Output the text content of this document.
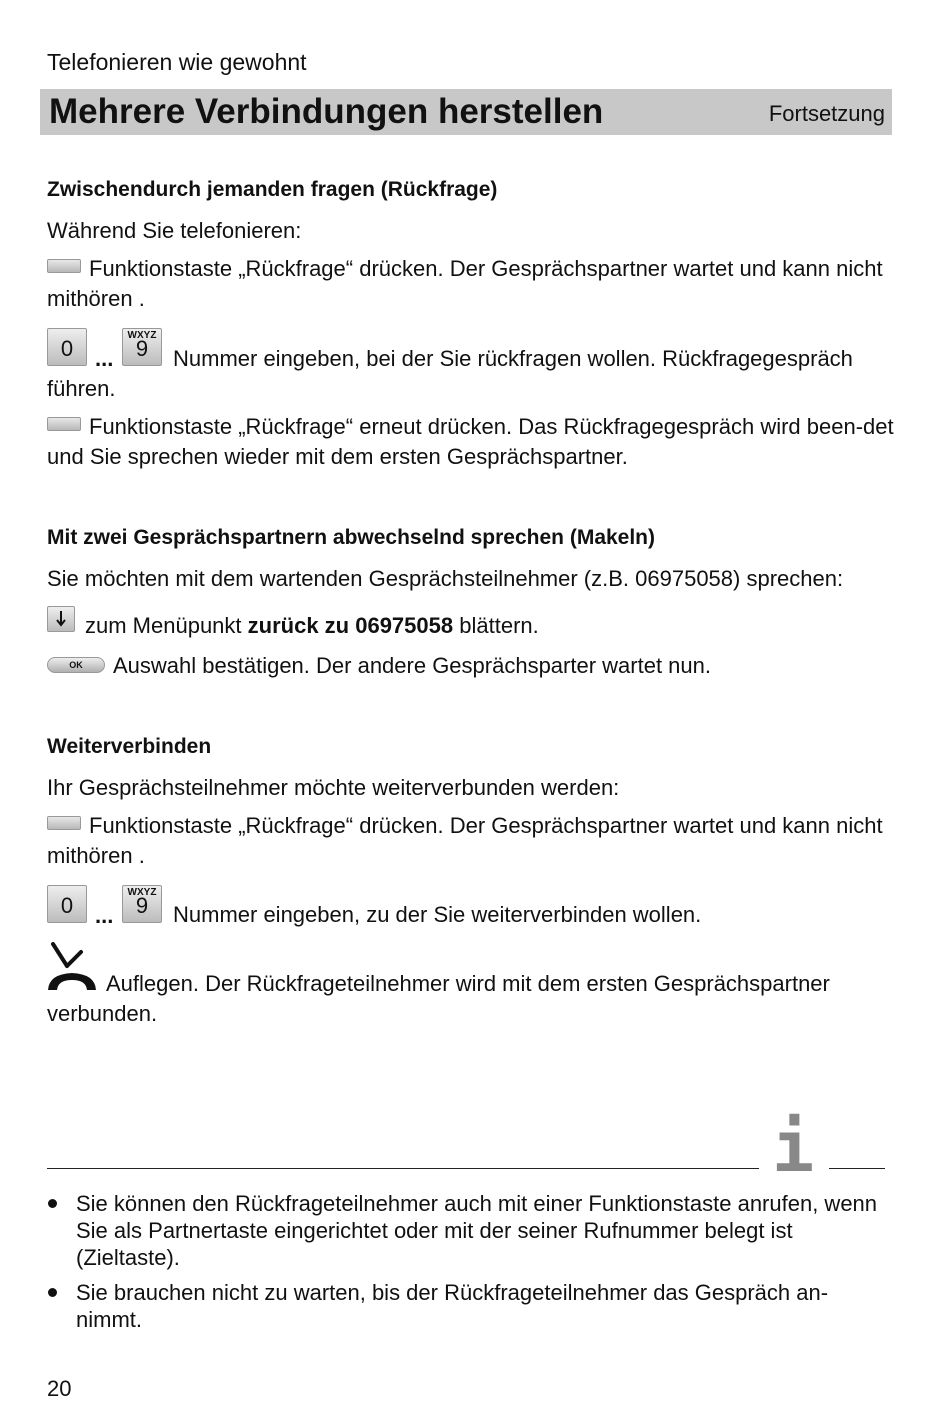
Telefonieren wie gewohnt
Mehrere Verbindungen herstellen	Fortsetzung
Zwischendurch jemanden fragen (Rückfrage)
Während Sie telefonieren:
Funktionstaste „Rückfrage“ drücken. Der Gesprächspartner wartet und kann nicht mithören .
0 ...
WXYZ
9	Nummer eingeben, bei der Sie rückfragen wollen. Rückfragegespräch führen.
Funktionstaste „Rückfrage“ erneut drücken. Das Rückfragegespräch wird been-det und Sie sprechen wieder mit dem ersten Gesprächspartner.
Mit zwei Gesprächspartnern abwechselnd sprechen (Makeln)
Sie möchten mit dem wartenden Gesprächsteilnehmer (z.B. 06975058) sprechen:
zum Menüpunkt zurück zu 06975058 blättern.
OK	Auswahl bestätigen. Der andere Gesprächsparter wartet nun.
Weiterverbinden
Ihr Gesprächsteilnehmer möchte weiterverbunden werden:
Funktionstaste „Rückfrage“ drücken. Der Gesprächspartner wartet und kann nicht mithören .
0 ...
WXYZ
9	Nummer eingeben, zu der Sie weiterverbinden wollen.
Auflegen. Der Rückfrageteilnehmer wird mit dem ersten Gesprächspartner verbunden.
i
Sie können den Rückfrageteilnehmer auch mit einer Funktionstaste anrufen, wenn Sie als Partnertaste eingerichtet oder mit der seiner Rufnummer belegt ist (Zieltaste).
Sie brauchen nicht zu warten, bis der Rückfrageteilnehmer das Gespräch an-nimmt.
20
